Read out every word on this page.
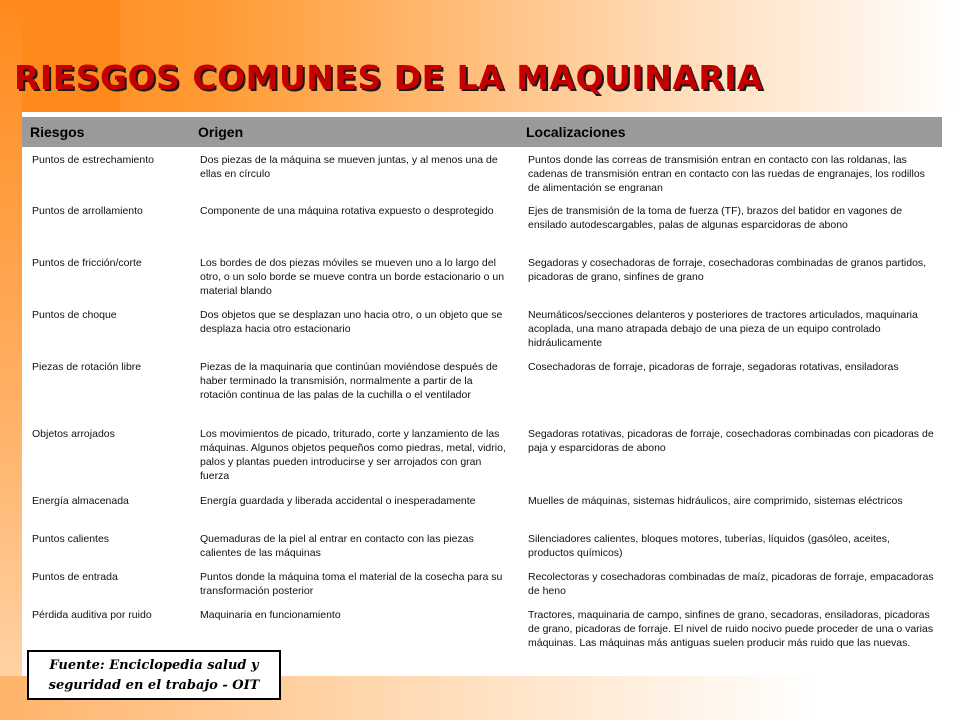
RIESGOS COMUNES DE LA MAQUINARIA
Riesgos	Origen	Localizaciones
Puntos de estrechamiento	Dos piezas de la máquina se mueven juntas, y al menos una de ellas en círculo	Puntos donde las correas de transmisión entran en contacto con las roldanas, las cadenas de transmisión entran en contacto con las ruedas de engranajes, los rodillos de alimentación se engranan
Puntos de arrollamiento	Componente de una máquina rotativa expuesto o desprotegido	Ejes de transmisión de la toma de fuerza (TF), brazos del batidor en vagones de ensilado autodescargables, palas de algunas esparcidoras de abono
Puntos de fricción/corte	Los bordes de dos piezas móviles se mueven uno a lo largo del otro, o un solo borde se mueve contra un borde estacionario o un material blando	Segadoras y cosechadoras de forraje, cosechadoras combinadas de granos partidos, picadoras de grano, sinfines de grano
Puntos de choque	Dos objetos que se desplazan uno hacia otro, o un objeto que se desplaza hacia otro estacionario	Neumáticos/secciones delanteros y posteriores de tractores articulados, maquinaria acoplada, una mano atrapada debajo de una pieza de un equipo controlado hidráulicamente
Piezas de rotación libre	Piezas de la maquinaria que continúan moviéndose después de haber terminado la transmisión, normalmente a partir de la rotación continua de las palas de la cuchilla o el ventilador	Cosechadoras de forraje, picadoras de forraje, segadoras rotativas, ensiladoras
Objetos arrojados	Los movimientos de picado, triturado, corte y lanzamiento de las máquinas. Algunos objetos pequeños como piedras, metal, vidrio, palos y plantas pueden introducirse y ser arrojados con gran fuerza	Segadoras rotativas, picadoras de forraje, cosechadoras combinadas con picadoras de paja y esparcidoras de abono
Energía almacenada	Energía guardada y liberada accidental o inesperadamente	Muelles de máquinas, sistemas hidráulicos, aire comprimido, sistemas eléctricos
Puntos calientes	Quemaduras de la piel al entrar en contacto con las piezas calientes de las máquinas	Silenciadores calientes, bloques motores, tuberías, líquidos (gasóleo, aceites, productos químicos)
Puntos de entrada	Puntos donde la máquina toma el material de la cosecha para su transformación posterior	Recolectoras y cosechadoras combinadas de maíz, picadoras de forraje, empacadoras de heno
Pérdida auditiva por ruido	Maquinaria en funcionamiento	Tractores, maquinaria de campo, sinfines de grano, secadoras, ensiladoras, picadoras de grano, picadoras de forraje. El nivel de ruido nocivo puede proceder de una o varias máquinas. Las máquinas más antiguas suelen producir más ruido que las nuevas.
Fuente: Enciclopedia salud y
seguridad en el trabajo - OIT
